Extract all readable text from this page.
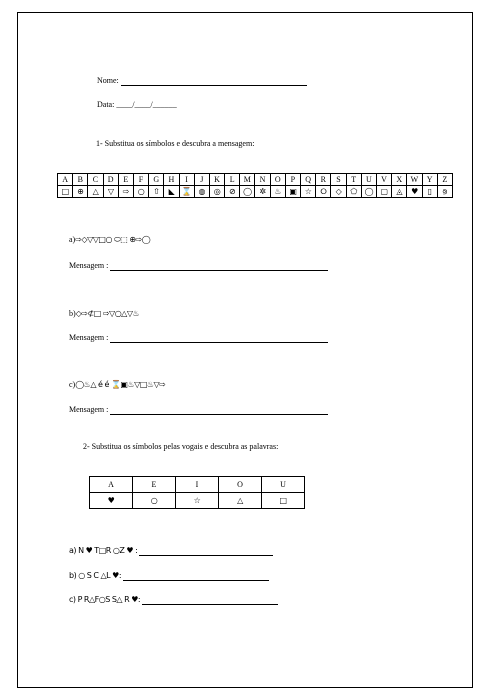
Nome:
Data: ____/____/______
1- Substitua os símbolos e descubra a mensagem:
A	B	C	D	E	F	G	H	I	J	K	L	M	N	O	P	Q	R	S	T	U	V	X	W	Y	Z
□	⊕	△	▽	⇨	○	⇧	◣	⌛	◍	◎	⊘	◯	✲	♨	▣	☆	⭘	◇	⬠	◯	▢	◬	♥	▯	⟄
a)⇨◇▽▽□○ ⬭⬚ ⊕⇨◯
Mensagem :
b)◇⇨⊄□ ⇨▽○△▽♨
Mensagem :
c)◯♨△ é é ⌛▣♨▽□♨▽⇨
Mensagem :
2- Substitua os símbolos pelas vogais e descubra as palavras:
A	E	I	O	U
♥	○	☆	△	□
a) N ♥ T□R ○Z ♥ :
b) ○ S C △L ♥:
c) P R△F○S S△ R ♥:
